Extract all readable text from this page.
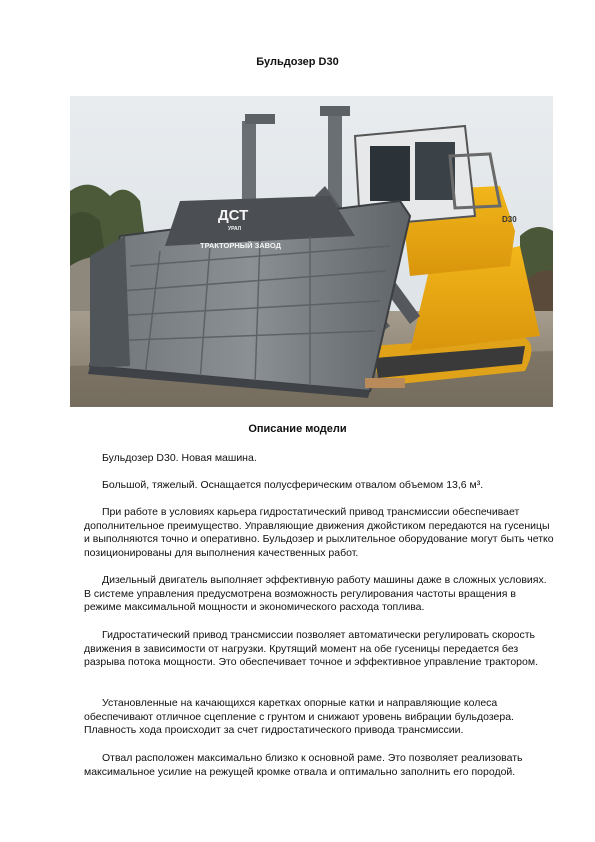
Бульдозер D30
D30
ДСТ
УРАЛ
ТРАКТОРНЫЙ ЗАВОД
Описание модели

Бульдозер D30. Новая машина.

Большой, тяжелый. Оснащается полусферическим отвалом объемом 13,6 м³.

При работе в условиях карьера гидростатический привод трансмиссии обеспечивает дополнительное преимущество. Управляющие движения джойстиком передаются на гусеницы и выполняются точно и оперативно. Бульдозер и рыхлительное оборудование могут быть четко позиционированы для выполнения качественных работ.

Дизельный двигатель выполняет эффективную работу машины даже в сложных условиях. В системе управления предусмотрена возможность регулирования частоты вращения в режиме максимальной мощности и экономического расхода топлива.

Гидростатический привод трансмиссии позволяет автоматически регулировать скорость движения в зависимости от нагрузки. Крутящий момент на обе гусеницы передается без разрыва потока мощности. Это обеспечивает точное и эффективное управление трактором.

Установленные на качающихся каретках опорные катки и направляющие колеса обеспечивают отличное сцепление с грунтом и снижают уровень вибрации бульдозера. Плавность хода происходит за счет гидростатического привода трансмиссии.

Отвал расположен максимально близко к основной раме. Это позволяет реализовать максимальное усилие на режущей кромке отвала и оптимально заполнить его породой.
